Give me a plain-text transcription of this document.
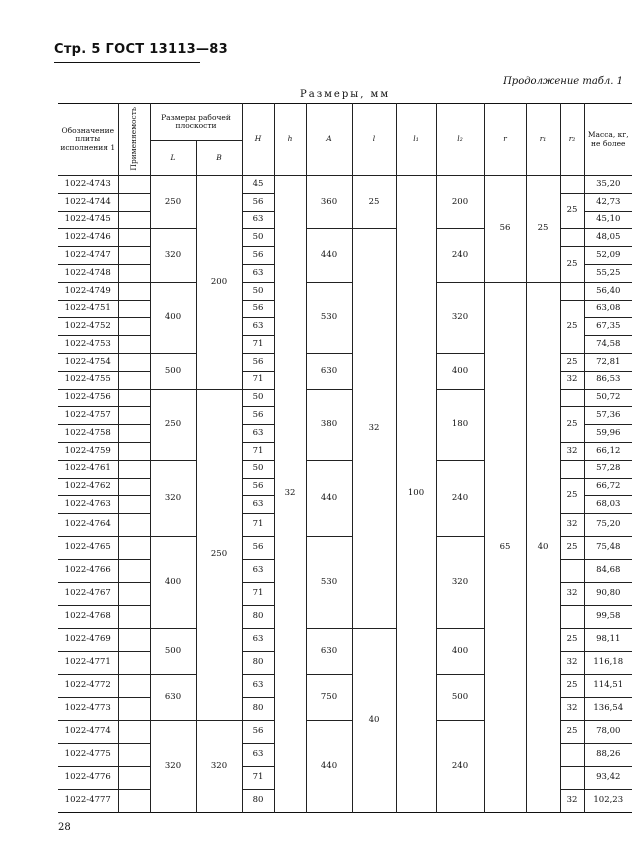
Стр. 5 ГОСТ 13113—83
Продолжение табл. 1
Размеры, мм
Обозначение плиты исполнения 1	Применяемость	Размеры рабочей плоскости		H	h	A	l	l₁	l₂	r	r₁	r₂	Масса, кг, не более
		L	B										
1022-4743		250	200	45	32	360	25	100	200	56	25		35,20
1022-4744				56								25	42,73
1022-4745				63									45,10
1022-4746		320		50		440	32		240				48,05
1022-4747				56								25	52,09
1022-4748				63									55,25
1022-4749		400		50		530			320	65	40		56,40
1022-4751				56								25	63,08
1022-4752				63									67,35
1022-4753				71									74,58
1022-4754		500		56		630			400			25	72,81
1022-4755				71								32	86,53
1022-4756		250	250	50		380			180				50,72
1022-4757				56								25	57,36
1022-4758				63									59,96
1022-4759				71								32	66,12
1022-4761		320		50		440			240				57,28
1022-4762				56								25	66,72
1022-4763				63									68,03
1022-4764				71								32	75,20
1022-4765		400		56		530			320			25	75,48
1022-4766				63									84,68
1022-4767				71								32	90,80
1022-4768				80									99,58
1022-4769		500		63		630	40		400			25	98,11
1022-4771				80								32	116,18
1022-4772		630		63		750			500			25	114,51
1022-4773				80								32	136,54
1022-4774		320	320	56		440			240			25	78,00
1022-4775				63									88,26
1022-4776				71									93,42
1022-4777				80								32	102,23
28
